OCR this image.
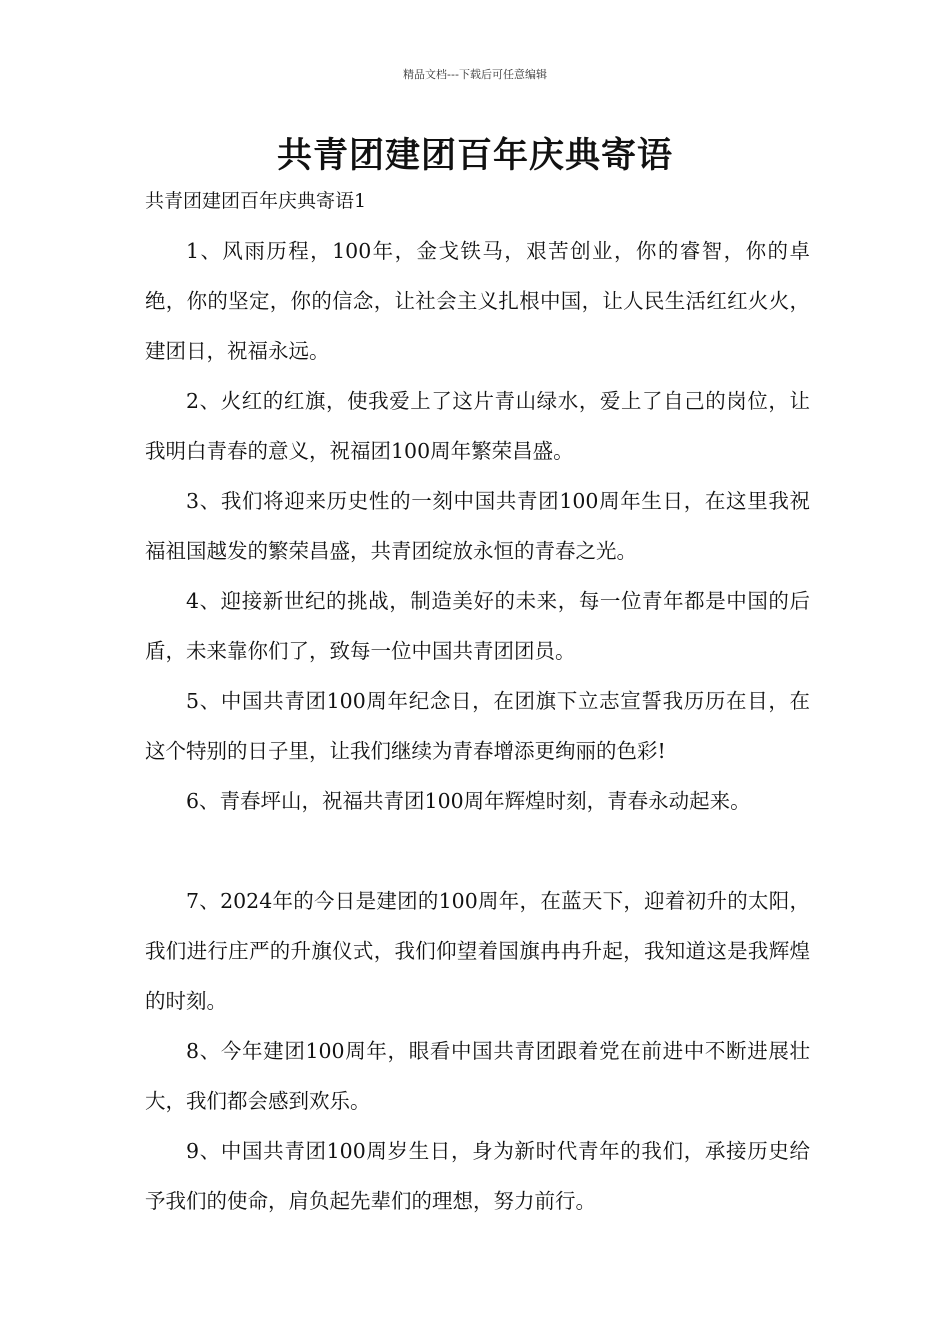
精品文档---下载后可任意编辑
共青团建团百年庆典寄语
共青团建团百年庆典寄语1

1、风雨历程，100年，金戈铁马，艰苦创业，你的睿智，你的卓绝，你的坚定，你的信念，让社会主义扎根中国，让人民生活红红火火，建团日，祝福永远。

2、火红的红旗，使我爱上了这片青山绿水，爱上了自己的岗位，让我明白青春的意义，祝福团100周年繁荣昌盛。

3、我们将迎来历史性的一刻中国共青团100周年生日，在这里我祝福祖国越发的繁荣昌盛，共青团绽放永恒的青春之光。

4、迎接新世纪的挑战，制造美好的未来，每一位青年都是中国的后盾，未来靠你们了，致每一位中国共青团团员。

5、中国共青团100周年纪念日，在团旗下立志宣誓我历历在目，在这个特别的日子里，让我们继续为青春增添更绚丽的色彩!

6、青春坪山，祝福共青团100周年辉煌时刻，青春永动起来。

7、2024年的今日是建团的100周年，在蓝天下，迎着初升的太阳，我们进行庄严的升旗仪式，我们仰望着国旗冉冉升起，我知道这是我辉煌的时刻。

8、今年建团100周年，眼看中国共青团跟着党在前进中不断进展壮大，我们都会感到欢乐。

9、中国共青团100周岁生日，身为新时代青年的我们，承接历史给予我们的使命，肩负起先辈们的理想，努力前行。
